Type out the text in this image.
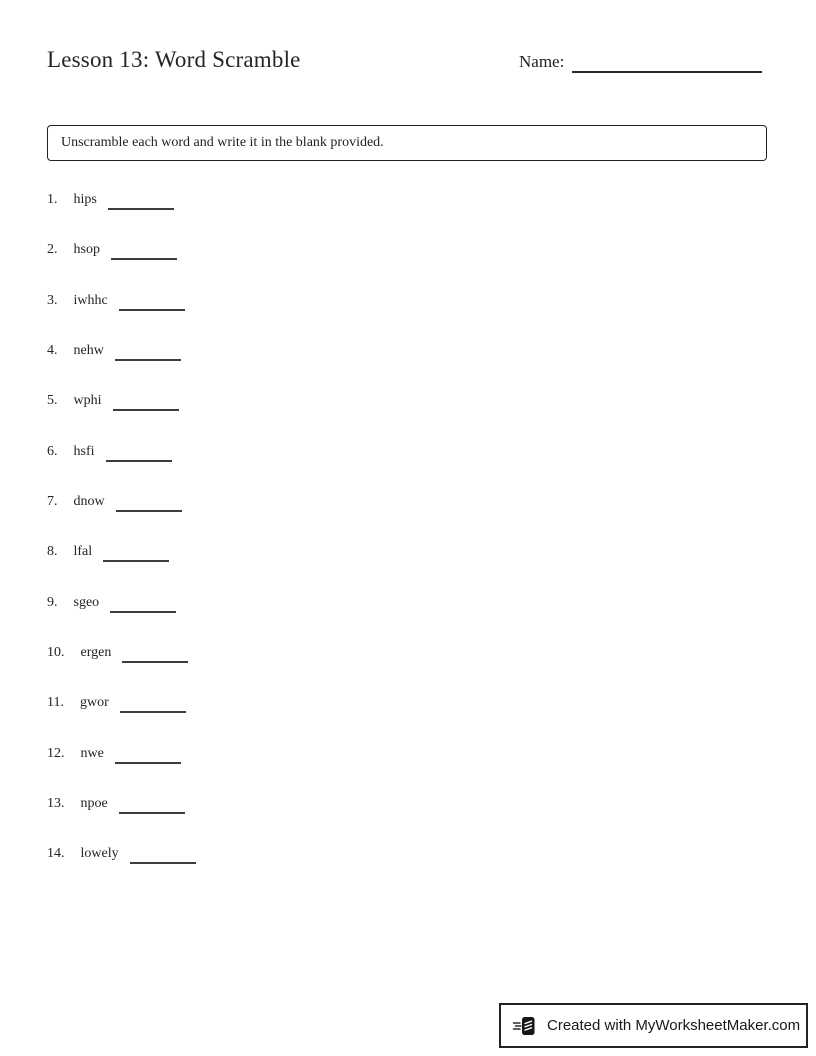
Lesson 13: Word Scramble	Name:
Unscramble each word and write it in the blank provided.
1. hips
2. hsop
3. iwhhc
4. nehw
5. wphi
6. hsfi
7. dnow
8. lfal
9. sgeo
10. ergen
11. gwor
12. nwe
13. npoe
14. lowely
Created with MyWorksheetMaker.com
